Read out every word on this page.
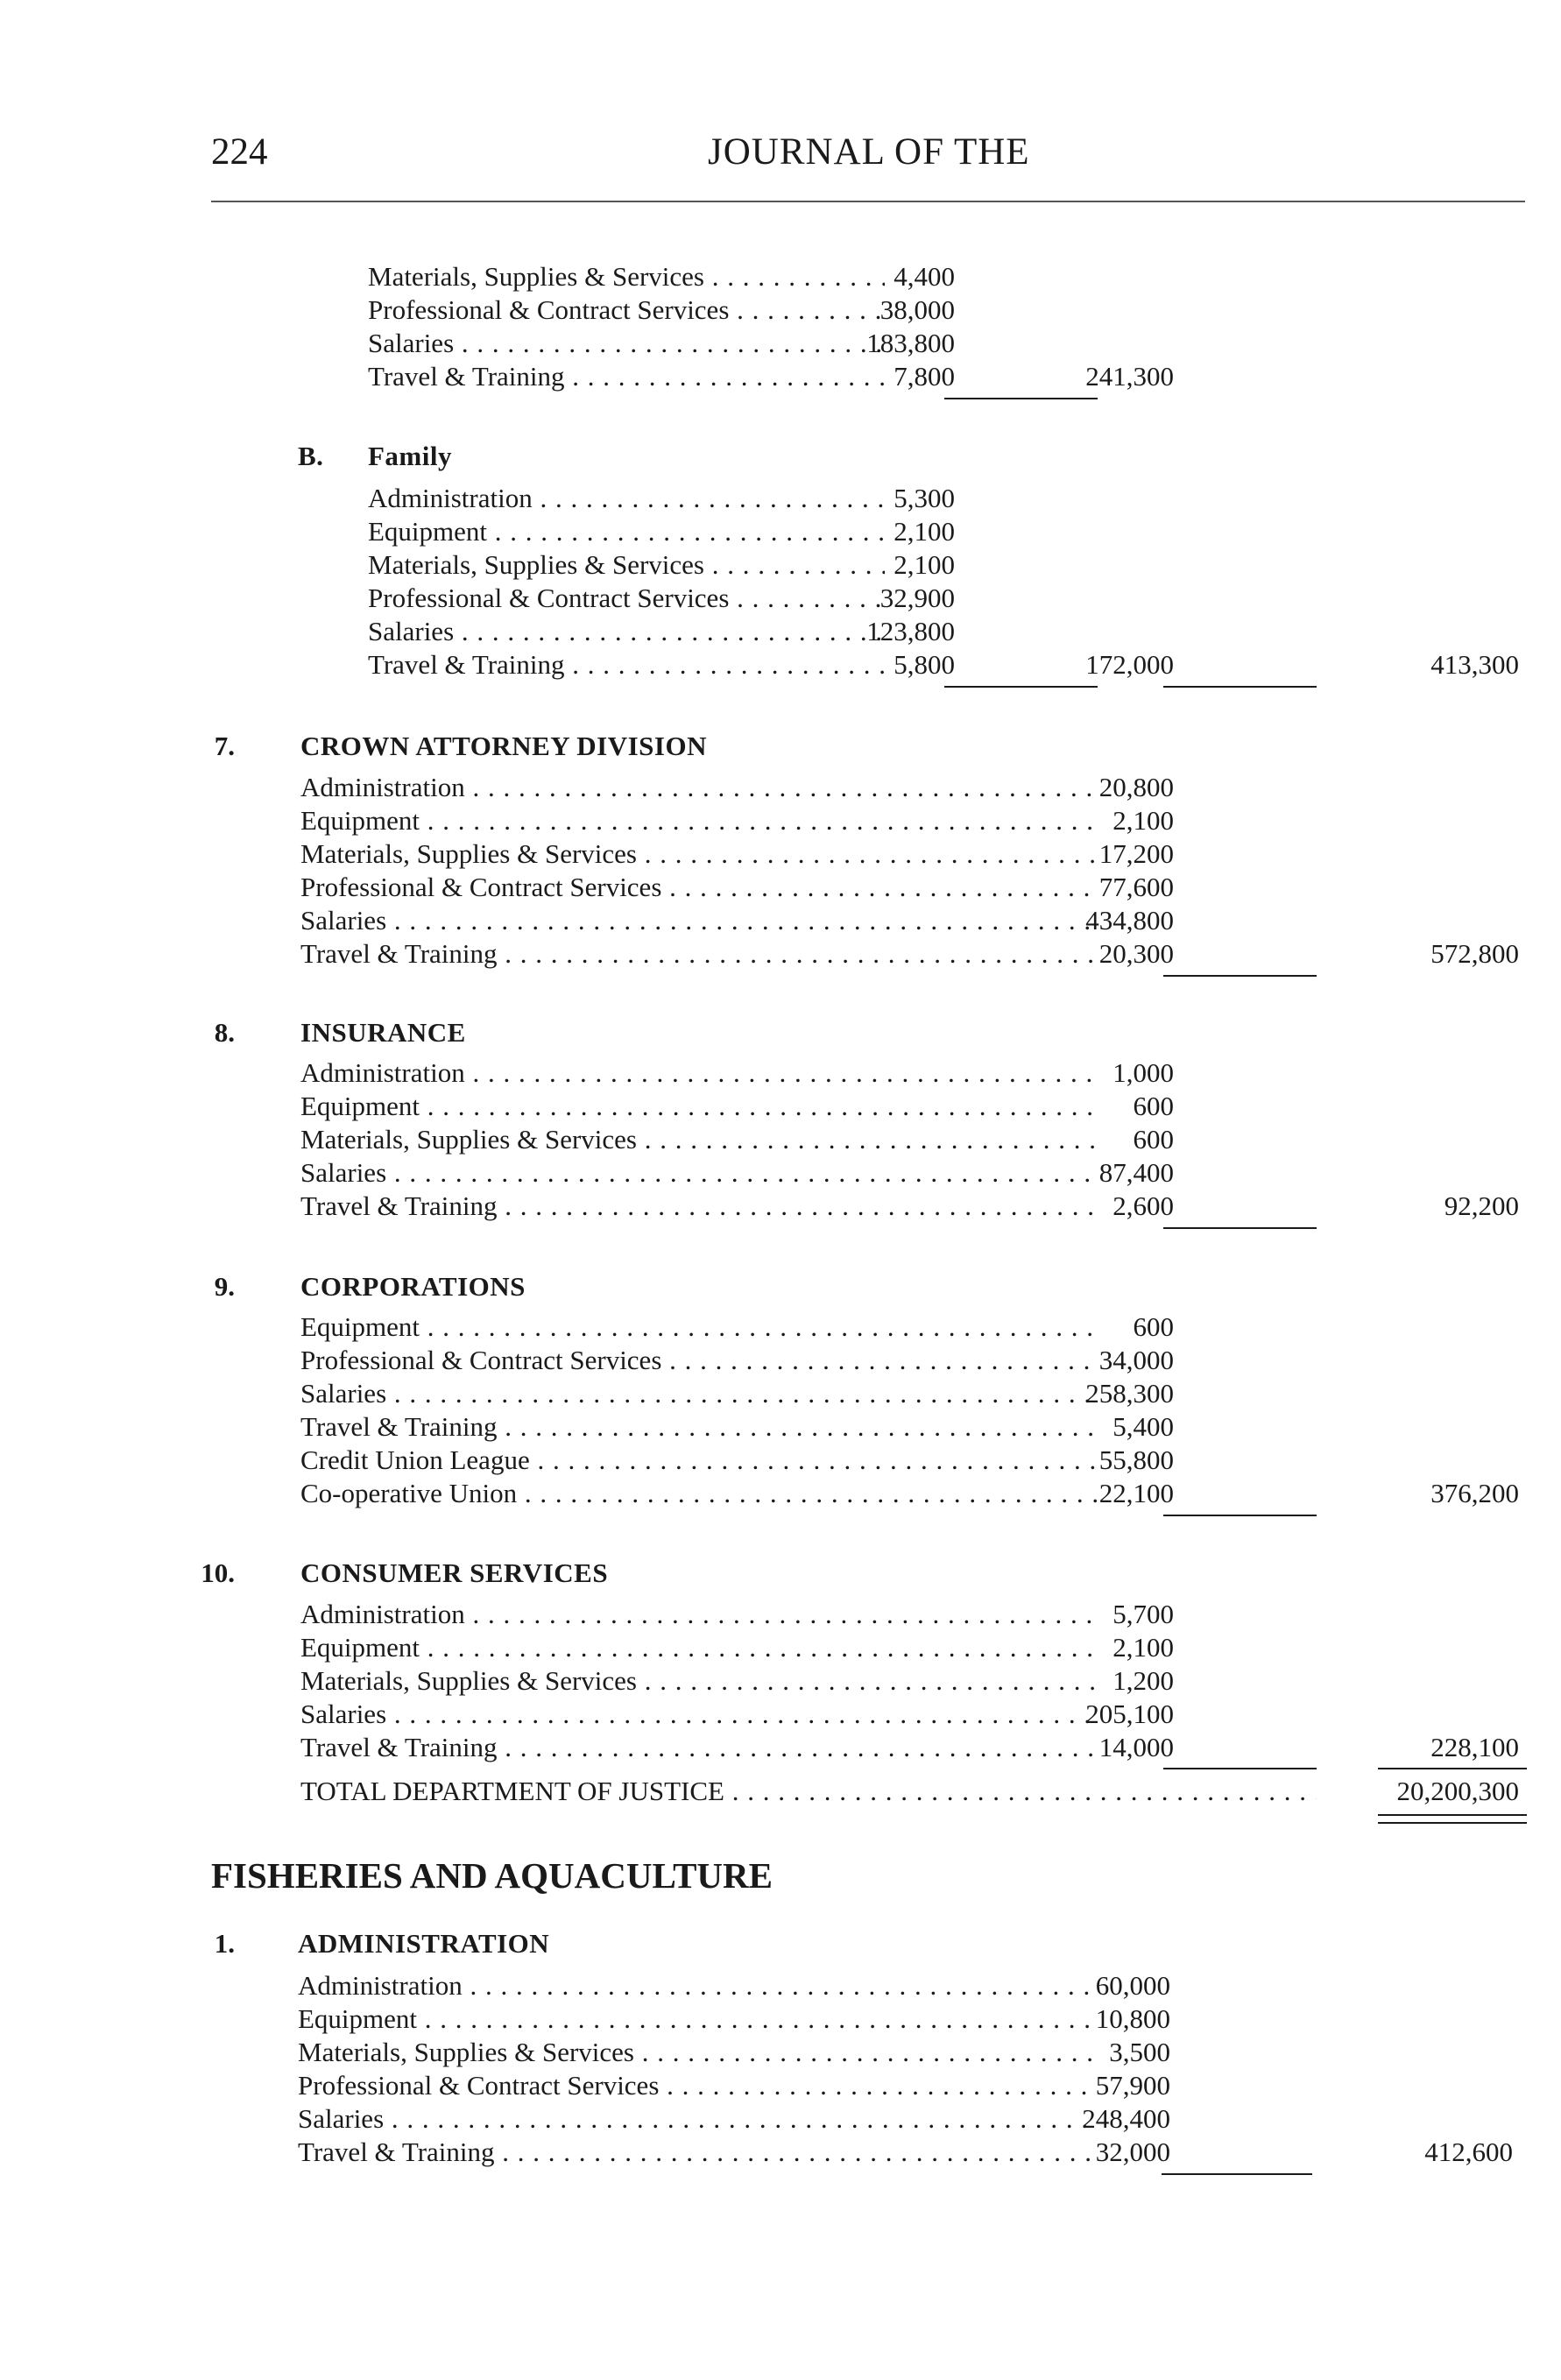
224	JOURNAL OF THE
Materials, Supplies & Services . . .	4,400
Professional & Contract Services . . .	38,000
Salaries . . .	183,800
Travel & Training . . .	7,800	241,300
B. Family
Administration . . .	5,300
Equipment . . .	2,100
Materials, Supplies & Services . . .	2,100
Professional & Contract Services . . .	32,900
Salaries . . .	123,800
Travel & Training . . .	5,800	172,000	413,300
7. CROWN ATTORNEY DIVISION
Administration . . .	20,800
Equipment . . .	2,100
Materials, Supplies & Services . . .	17,200
Professional & Contract Services . . .	77,600
Salaries . . .	434,800
Travel & Training . . .	20,300	572,800
8. INSURANCE
Administration . . .	1,000
Equipment . . .	600
Materials, Supplies & Services . . .	600
Salaries . . .	87,400
Travel & Training . . .	2,600	92,200
9. CORPORATIONS
Equipment . . .	600
Professional & Contract Services . . .	34,000
Salaries . . .	258,300
Travel & Training . . .	5,400
Credit Union League . . .	55,800
Co-operative Union . . .	22,100	376,200
10. CONSUMER SERVICES
Administration . . .	5,700
Equipment . . .	2,100
Materials, Supplies & Services . . .	1,200
Salaries . . .	205,100
Travel & Training . . .	14,000	228,100
TOTAL DEPARTMENT OF JUSTICE . . .	20,200,300
FISHERIES AND AQUACULTURE
1. ADMINISTRATION
Administration . . .	60,000
Equipment . . .	10,800
Materials, Supplies & Services . . .	3,500
Professional & Contract Services . . .	57,900
Salaries . . .	248,400
Travel & Training . . .	32,000	412,600
